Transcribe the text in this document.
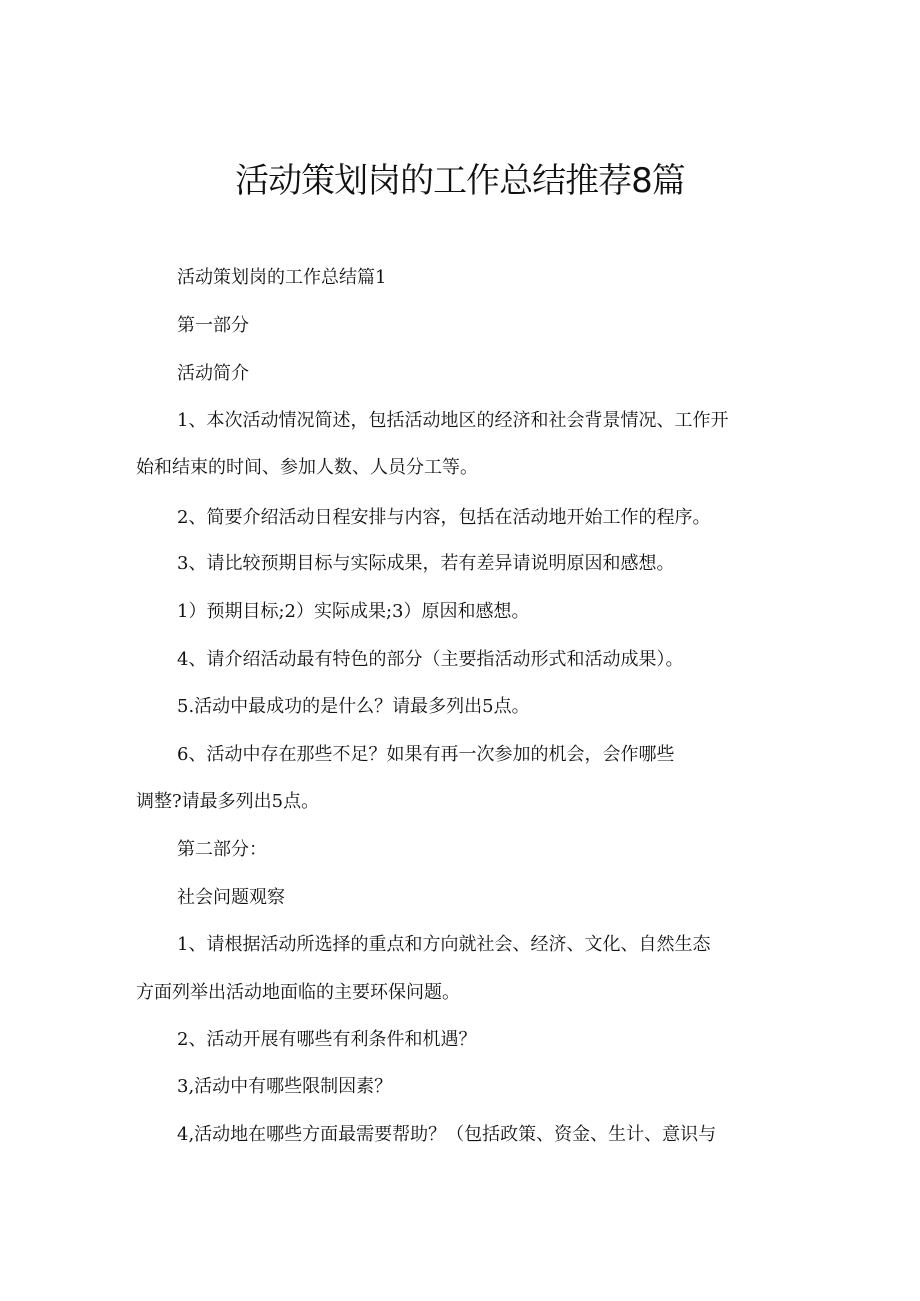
活动策划岗的工作总结推荐8篇

活动策划岗的工作总结篇1

第一部分

活动简介

1、本次活动情况简述，包括活动地区的经济和社会背景情况、工作开

始和结束的时间、参加人数、人员分工等。

2、简要介绍活动日程安排与内容，包括在活动地开始工作的程序。

3、请比较预期目标与实际成果，若有差异请说明原因和感想。

1）预期目标;2）实际成果;3）原因和感想。

4、请介绍活动最有特色的部分（主要指活动形式和活动成果）。

5.活动中最成功的是什么？请最多列出5点。

6、活动中存在那些不足？如果有再一次参加的机会，会作哪些

调整?请最多列出5点。

第二部分：

社会问题观察

1、请根据活动所选择的重点和方向就社会、经济、文化、自然生态

方面列举出活动地面临的主要环保问题。

2、活动开展有哪些有利条件和机遇？

3,活动中有哪些限制因素？

4,活动地在哪些方面最需要帮助？（包括政策、资金、生计、意识与
